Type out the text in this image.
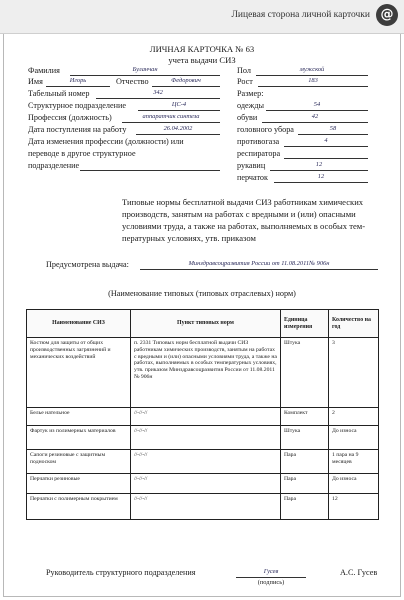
Лицевая сторона личной карточки @
ЛИЧНАЯ КАРТОЧКА № 63
учета выдачи СИЗ
Фамилия	Буланчан
Имя	Игорь	Отчество	Федорович
Табельный номер	342
Структурное подразделение	ЦС-4
Профессия (должность)	аппаратчик синтеза
Дата поступления на работу	26.04.2002
Дата изменения профессии (должности) или
переводе в другое структурное
подразделение
Пол	мужской
Рост	183
Размер:
одежды	54
обуви	42
головного убора	58
противогаза	4
респиратора
рукавиц	12
перчаток	12
Типовые нормы бесплатной выдачи СИЗ работникам химических
производств, занятым на работах с вредными и (или) опасными
условиями труда, а также на работах, выполняемых в особых тем-
пературных условиях, утв. приказом
Предусмотрена выдача:	Минздравсоцразвития России от 11.08.2011№ 906н
(Наименование типовых (типовых отраслевых) норм)
Наименование СИЗ	Пункт типовых норм	Единица измерения	Количество на год
Костюм для защиты от общих производственных загрязнений и механических воздействий	п. 2331 Типовых норм бесплатной выдачи СИЗ работникам химических производств, занятым на работах с вредными и (или) опасными условиями труда, а также на работах, выполняемых в особых температурных условиях, утв. приказом Минздравсоцразвития России от 11.08.2011 № 906н	Штука	3
Белье нательное	//-//-//	Комплект	2
Фартук из полимерных материалов	//-//-//	Штука	До износа
Сапоги резиновые с защитным подноском	//-//-//	Пара	1 пара на 9 месяцев
Перчатки резиновые	//-//-//	Пара	До износа
Перчатки с полимерным покрытием	//-//-//	Пара	12
Руководитель структурного подразделения	Гусев
(подпись)
А.С. Гусев
